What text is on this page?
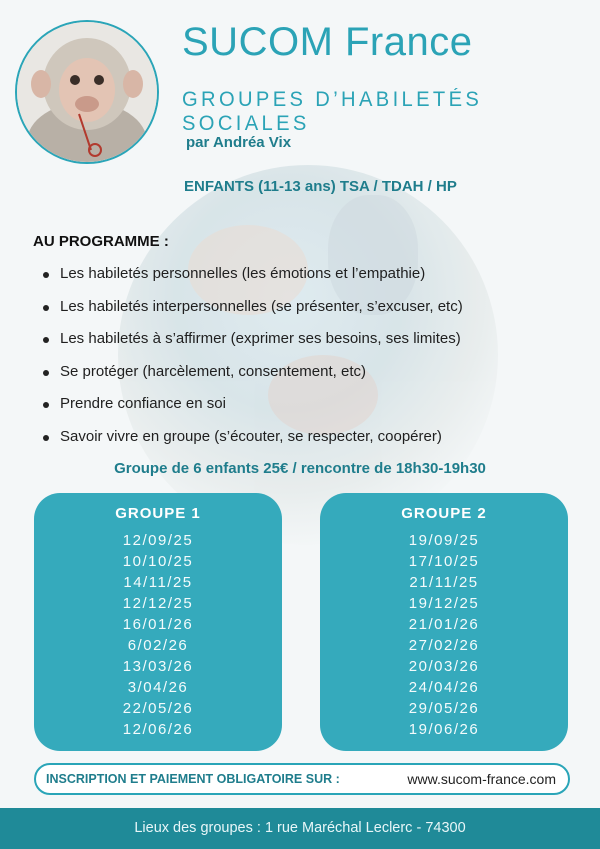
SUCOM France
GROUPES D’HABILETÉS SOCIALES
par Andréa Vix
ENFANTS (11-13 ans) TSA / TDAH / HP
AU PROGRAMME :
Les habiletés personnelles (les émotions et l’empathie)
Les habiletés interpersonnelles (se présenter, s’excuser, etc)
Les habiletés à s’affirmer (exprimer ses besoins, ses limites)
Se protéger (harcèlement, consentement, etc)
Prendre confiance en soi
Savoir vivre en groupe (s’écouter, se respecter, coopérer)
Groupe de 6 enfants 25€ / rencontre de 18h30-19h30
GROUPE 1
12/09/25
10/10/25
14/11/25
12/12/25
16/01/26
6/02/26
13/03/26
3/04/26
22/05/26
12/06/26
GROUPE 2
19/09/25
17/10/25
21/11/25
19/12/25
21/01/26
27/02/26
20/03/26
24/04/26
29/05/26
19/06/26
INSCRIPTION ET PAIEMENT OBLIGATOIRE SUR :	www.sucom-france.com
Lieux des groupes : 1 rue Maréchal Leclerc - 74300
